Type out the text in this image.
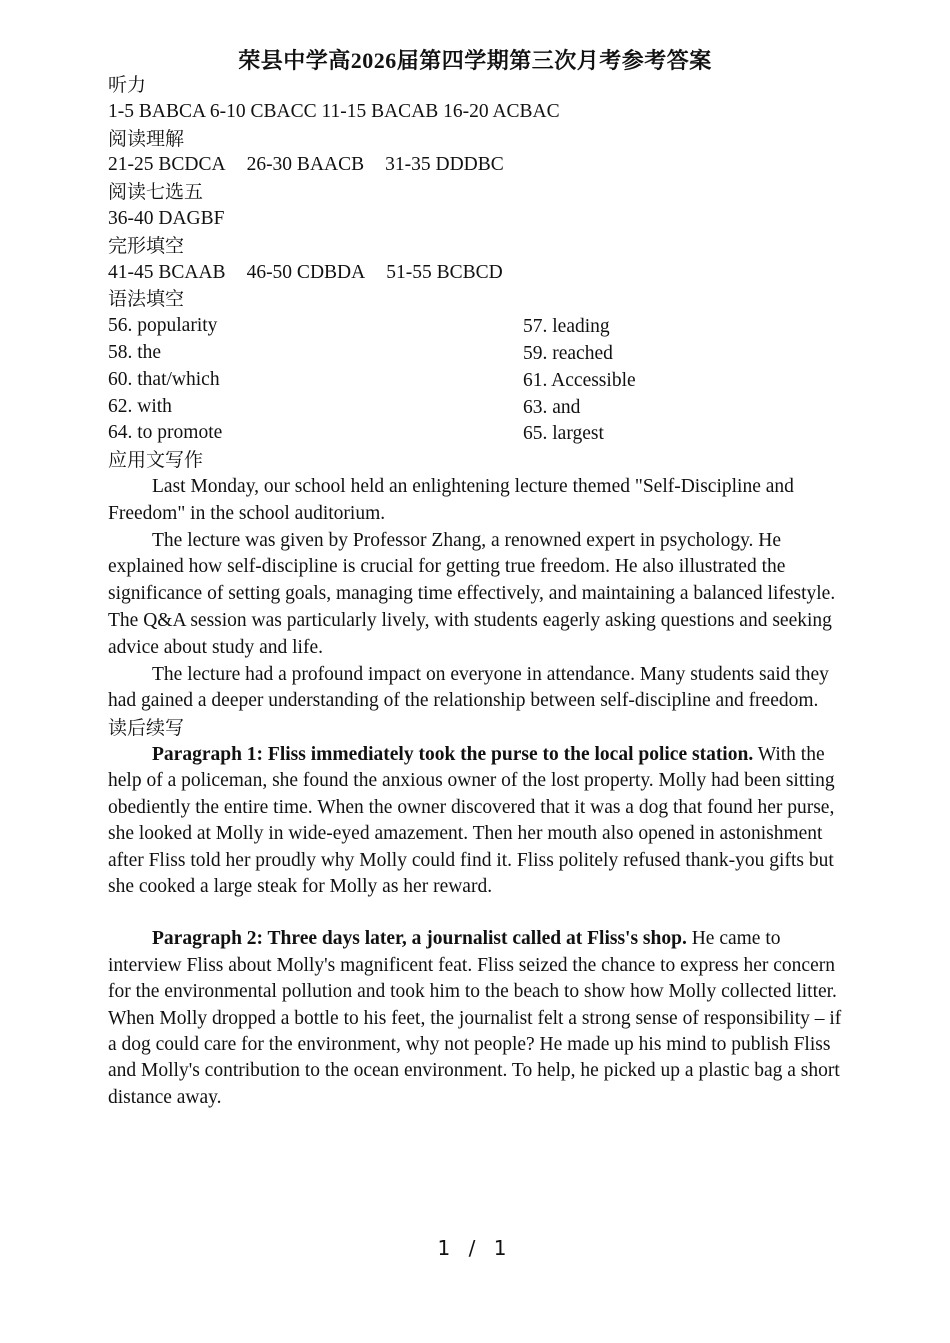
荣县中学高2026届第四学期第三次月考参考答案
听力
1-5 BABCA 6-10 CBACC 11-15 BACAB 16-20 ACBAC
阅读理解
21-25 BCDCA 26-30 BAACB 31-35 DDDBC
阅读七选五
36-40 DAGBF
完形填空
41-45 BCAAB 46-50 CDBDA 51-55 BCBCD
语法填空
56. popularity	57. leading
58. the	59. reached
60. that/which	61. Accessible
62. with	63. and
64. to promote	65. largest
应用文写作

Last Monday, our school held an enlightening lecture themed "Self-Discipline and Freedom" in the school auditorium.

The lecture was given by Professor Zhang, a renowned expert in psychology. He explained how self-discipline is crucial for getting true freedom. He also illustrated the significance of setting goals, managing time effectively, and maintaining a balanced lifestyle. The Q&A session was particularly lively, with students eagerly asking questions and seeking advice about study and life.

The lecture had a profound impact on everyone in attendance. Many students said they had gained a deeper understanding of the relationship between self-discipline and freedom.

读后续写

Paragraph 1: Fliss immediately took the purse to the local police station. With the help of a policeman, she found the anxious owner of the lost property. Molly had been sitting obediently the entire time. When the owner discovered that it was a dog that found her purse, she looked at Molly in wide-eyed amazement. Then her mouth also opened in astonishment after Fliss told her proudly why Molly could find it. Fliss politely refused thank-you gifts but she cooked a large steak for Molly as her reward.

Paragraph 2: Three days later, a journalist called at Fliss's shop. He came to interview Fliss about Molly's magnificent feat. Fliss seized the chance to express her concern for the environmental pollution and took him to the beach to show how Molly collected litter. When Molly dropped a bottle to his feet, the journalist felt a strong sense of responsibility – if a dog could care for the environment, why not people? He made up his mind to publish Fliss and Molly's contribution to the ocean environment. To help, he picked up a plastic bag a short distance away.

1 / 1
